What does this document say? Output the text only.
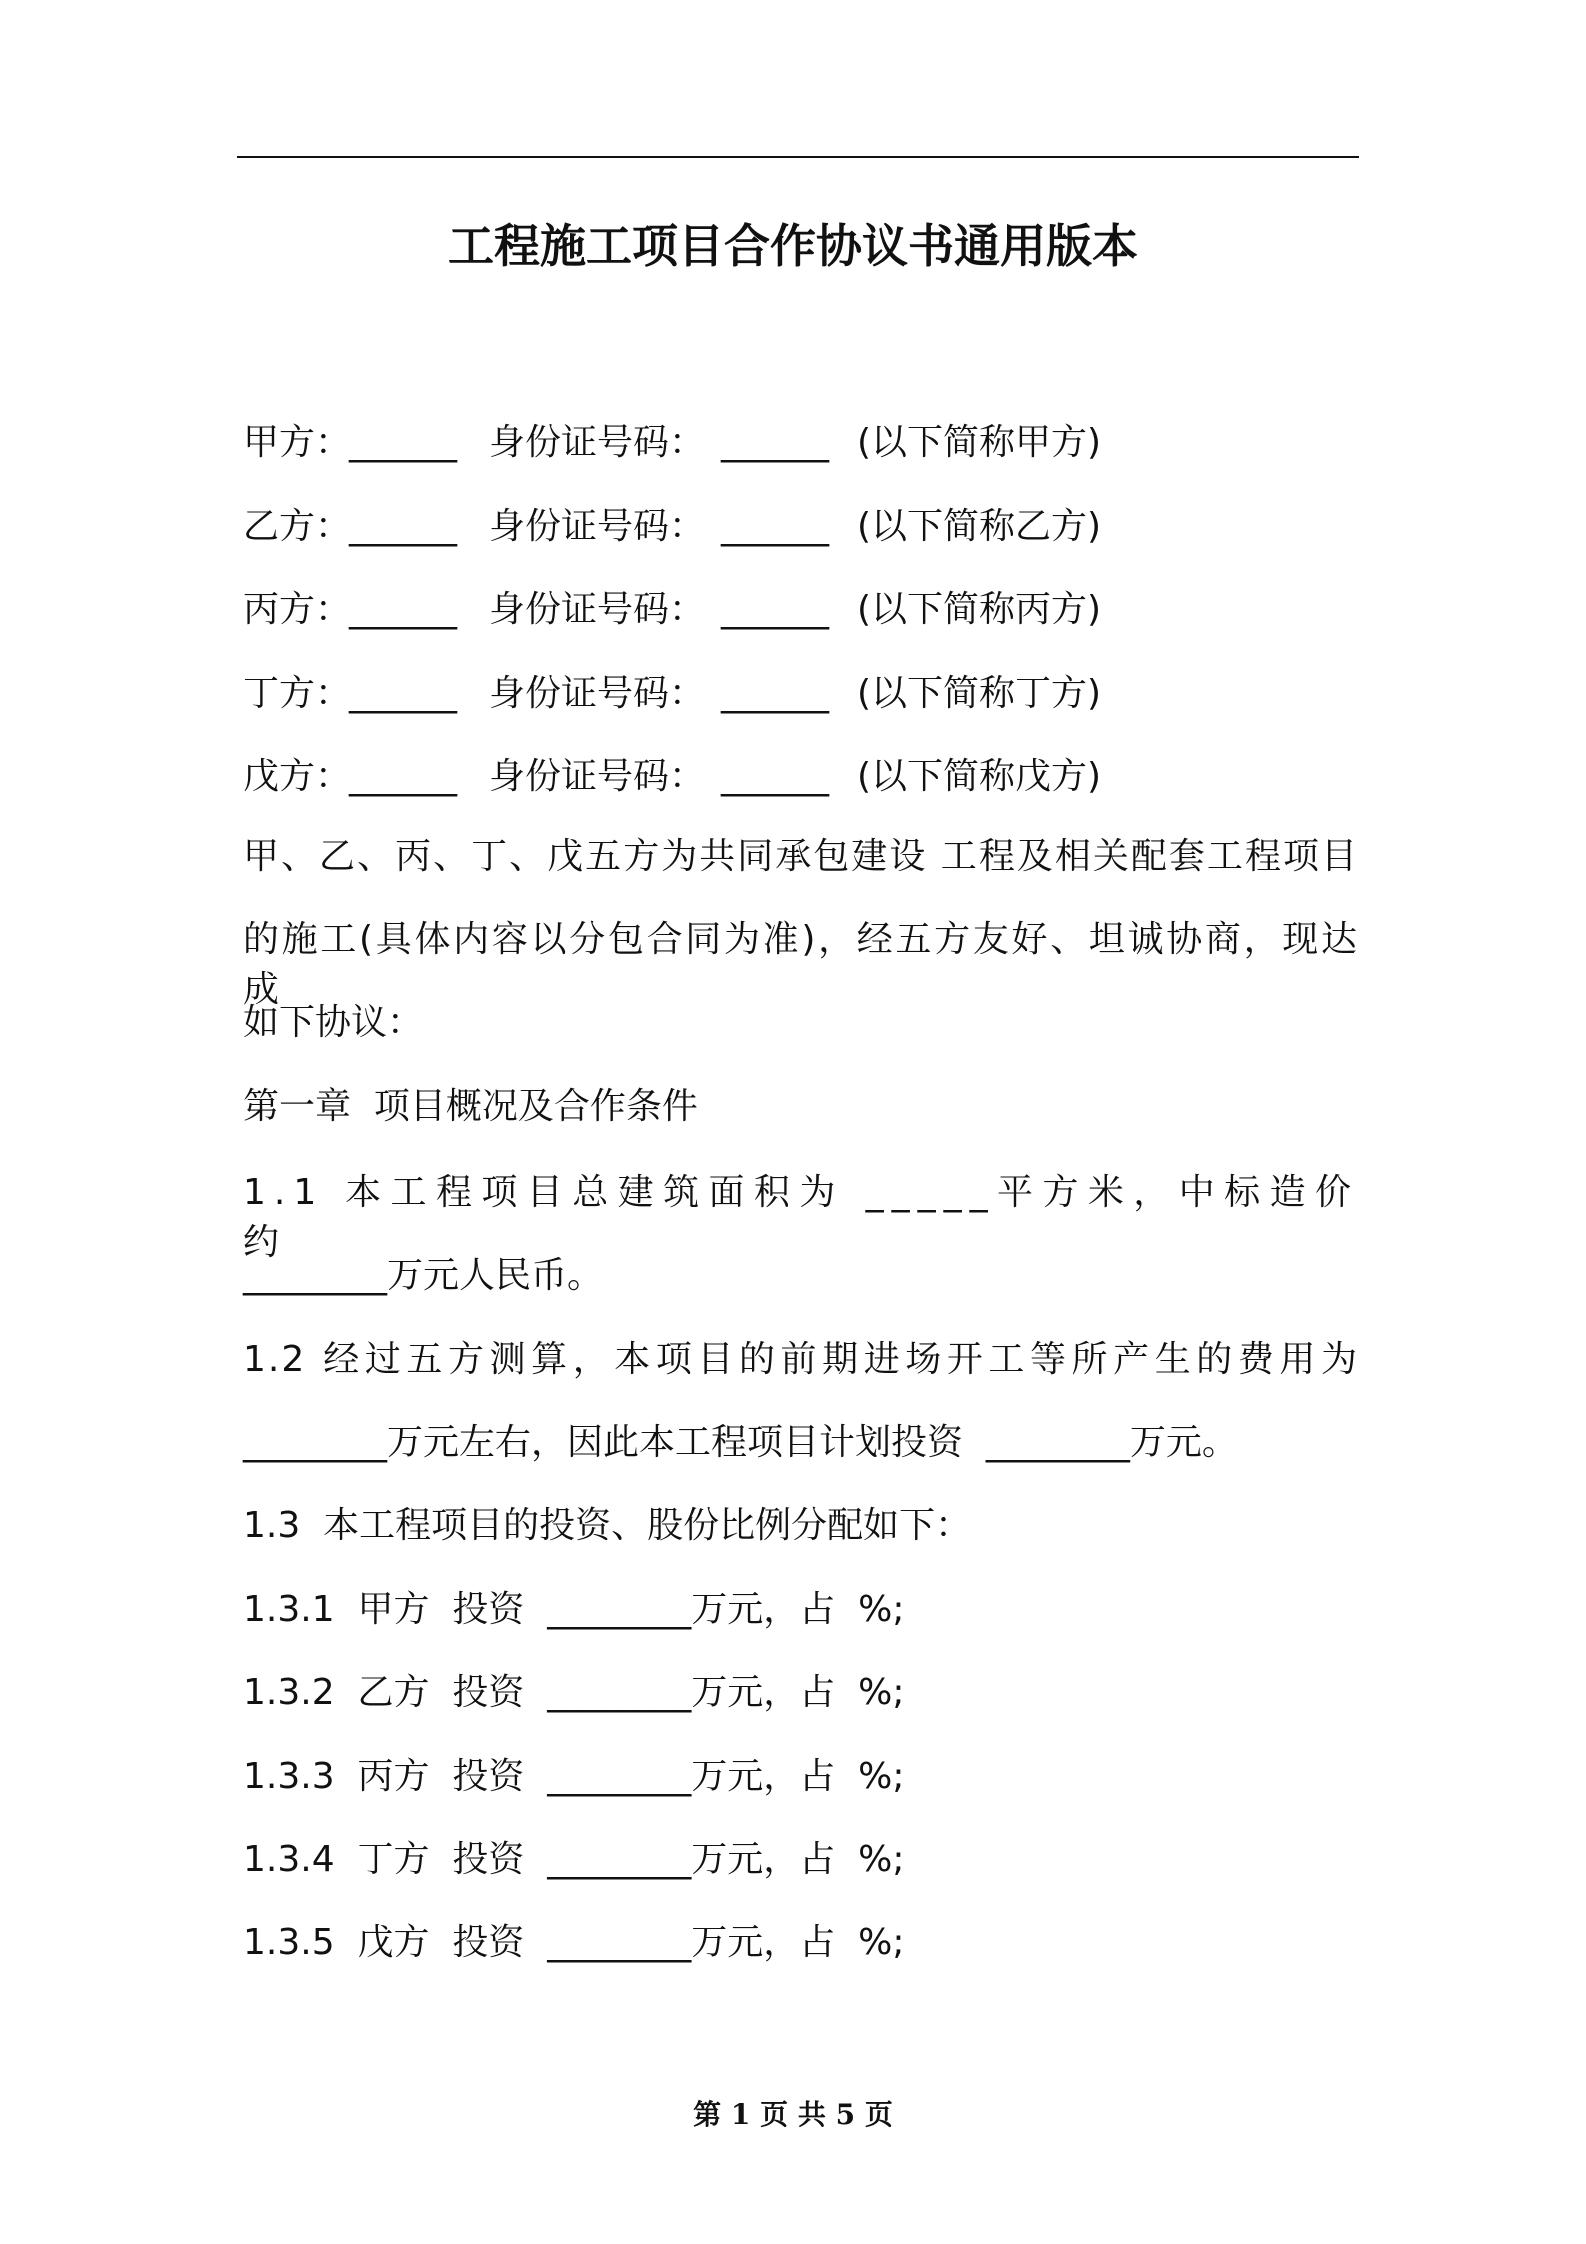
工程施工项目合作协议书通用版本
甲方：
______ 身份证号码： ______ (以下简称甲方)
乙方：
______ 身份证号码： ______ (以下简称乙方)
丙方：
______ 身份证号码： ______ (以下简称丙方)
丁方：
______ 身份证号码： ______ (以下简称丁方)
戊方：
______ 身份证号码： ______ (以下简称戊方)
甲、乙、丙、丁、戊五方为共同承包建设 工程及相关配套工程项目
的施工(具体内容以分包合同为准)，经五方友好、坦诚协商，现达成
如下协议：
第一章  项目概况及合作条件
1.1 本工程项目总建筑面积为 _____平方米，中标造价约
________万元人民币。
1.2 经过五方测算，本项目的前期进场开工等所产生的费用为
________万元左右，因此本工程项目计划投资  ________万元。
1.3  本工程项目的投资、股份比例分配如下：
1.3.1  甲方  投资  ________万元，占  %;
1.3.2  乙方  投资  ________万元，占  %;
1.3.3  丙方  投资  ________万元，占  %;
1.3.4  丁方  投资  ________万元，占  %;
1.3.5  戊方  投资  ________万元，占  %;
第 1 页 共 5 页
